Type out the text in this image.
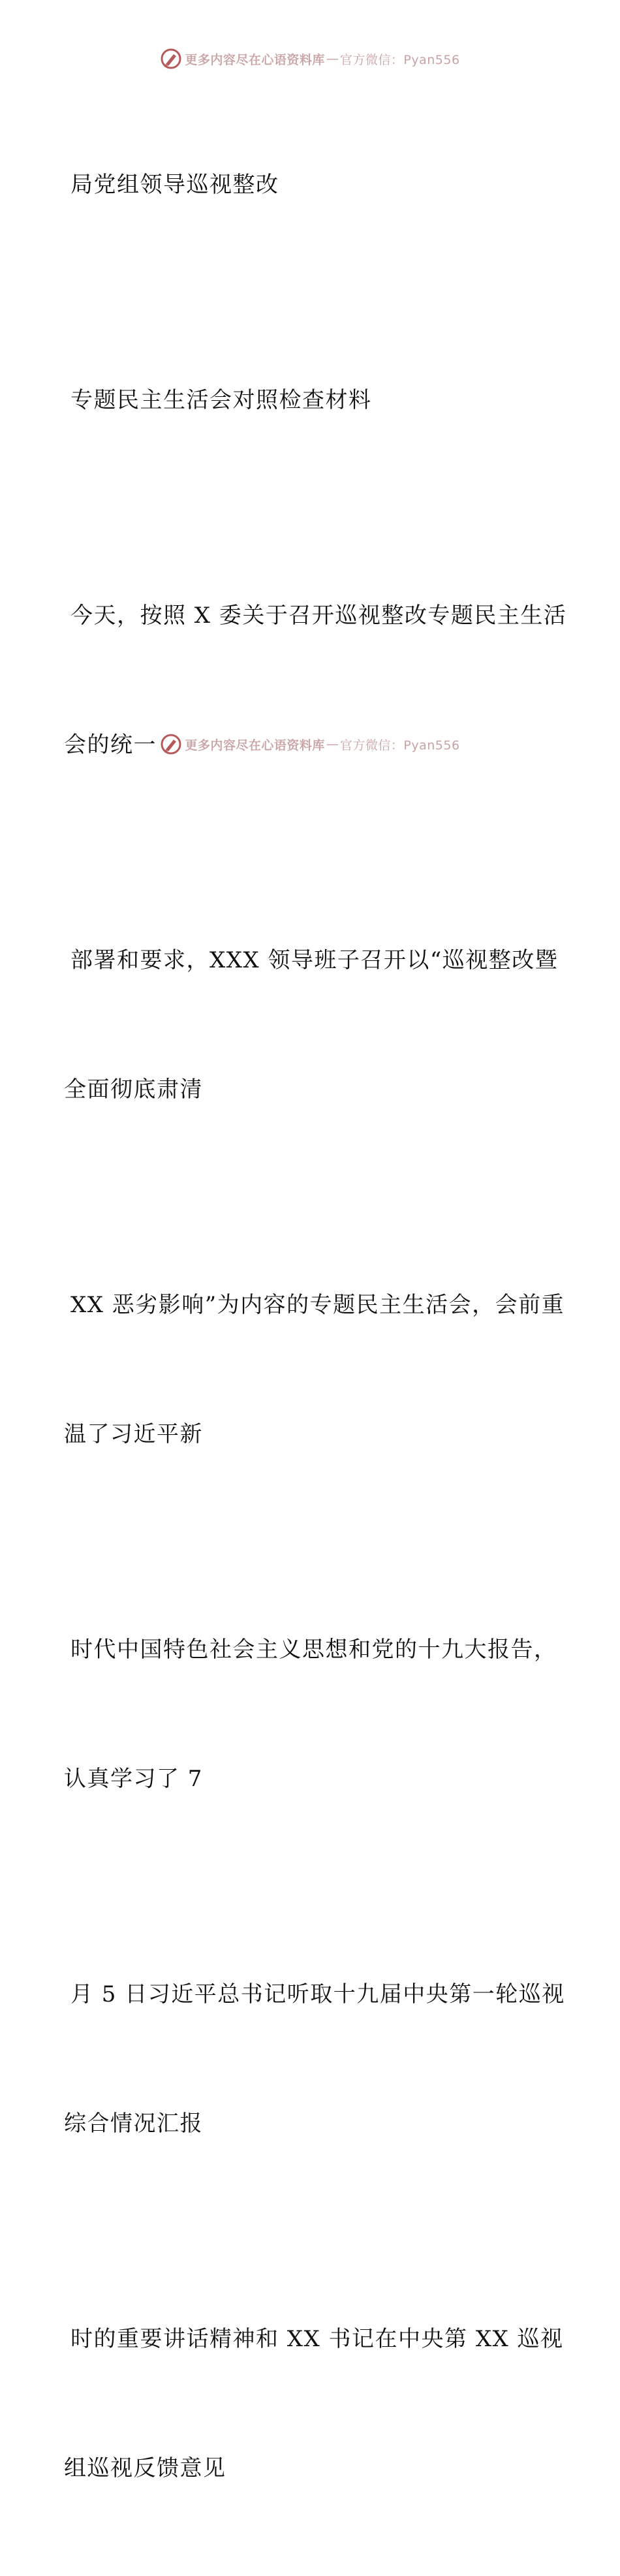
更多内容尽在心语资料库 — 官方微信：Pyan556

局党组领导巡视整改

专题民主生活会对照检查材料

今天，按照 X 委关于召开巡视整改专题民主生活

会的统一

部署和要求，XXX 领导班子召开以“巡视整改暨

全面彻底肃清

XX 恶劣影响”为内容的专题民主生活会，会前重

温了习近平新

时代中国特色社会主义思想和党的十九大报告，

认真学习了 7

月 5 日习近平总书记听取十九届中央第一轮巡视

综合情况汇报

时的重要讲话精神和 XX 书记在中央第 XX 巡视

组巡视反馈意见

更多内容尽在心语资料库 — 官方微信：Pyan556
